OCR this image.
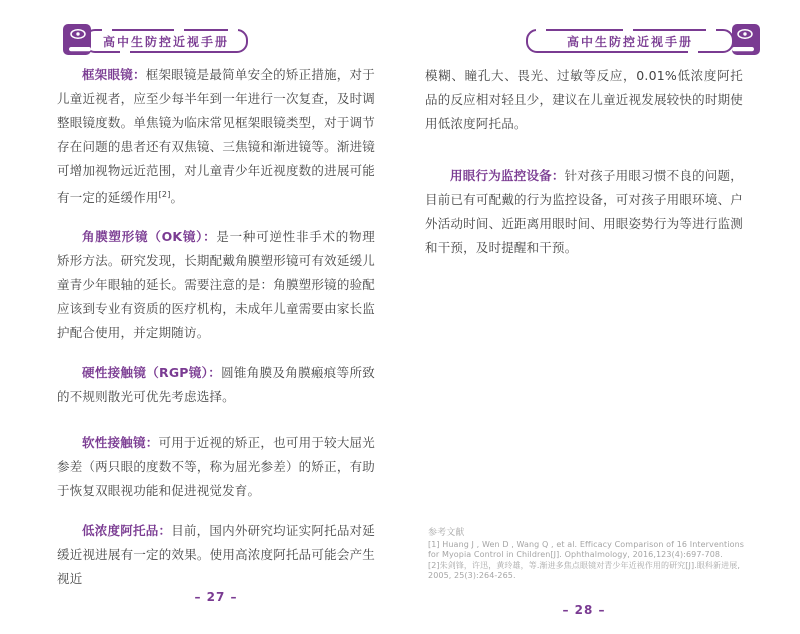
高中生防控近视手册

框架眼镜：框架眼镜是最简单安全的矫正措施，对于儿童近视者，应至少每半年到一年进行一次复查，及时调整眼镜度数。单焦镜为临床常见框架眼镜类型，对于调节存在问题的患者还有双焦镜、三焦镜和渐进镜等。渐进镜可增加视物远近范围，对儿童青少年近视度数的进展可能有一定的延缓作用[2]。

角膜塑形镜（OK镜）：是一种可逆性非手术的物理矫形方法。研究发现，长期配戴角膜塑形镜可有效延缓儿童青少年眼轴的延长。需要注意的是：角膜塑形镜的验配应该到专业有资质的医疗机构，未成年儿童需要由家长监护配合使用，并定期随访。

硬性接触镜（RGP镜）：圆锥角膜及角膜瘢痕等所致的不规则散光可优先考虑选择。

软性接触镜：可用于近视的矫正，也可用于较大屈光参差（两只眼的度数不等，称为屈光参差）的矫正，有助于恢复双眼视功能和促进视觉发育。

低浓度阿托品：目前，国内外研究均证实阿托品对延缓近视进展有一定的效果。使用高浓度阿托品可能会产生视近

– 27 –
高中生防控近视手册

模糊、瞳孔大、畏光、过敏等反应，0.01%低浓度阿托品的反应相对轻且少，建议在儿童近视发展较快的时期使用低浓度阿托品。

用眼行为监控设备：针对孩子用眼习惯不良的问题，目前已有可配戴的行为监控设备，可对孩子用眼环境、户外活动时间、近距离用眼时间、用眼姿势行为等进行监测和干预，及时提醒和干预。

参考文献

[1] Huang J , Wen D , Wang Q , et al. Efficacy Comparison of 16 Interventions for Myopia Control in Children[J]. Ophthalmology, 2016,123(4):697-708.

[2]朱剑锋，许迅，黄玲雄，等.渐进多焦点眼镜对青少年近视作用的研究[J].眼科新进展, 2005, 25(3):264-265.

– 28 –
